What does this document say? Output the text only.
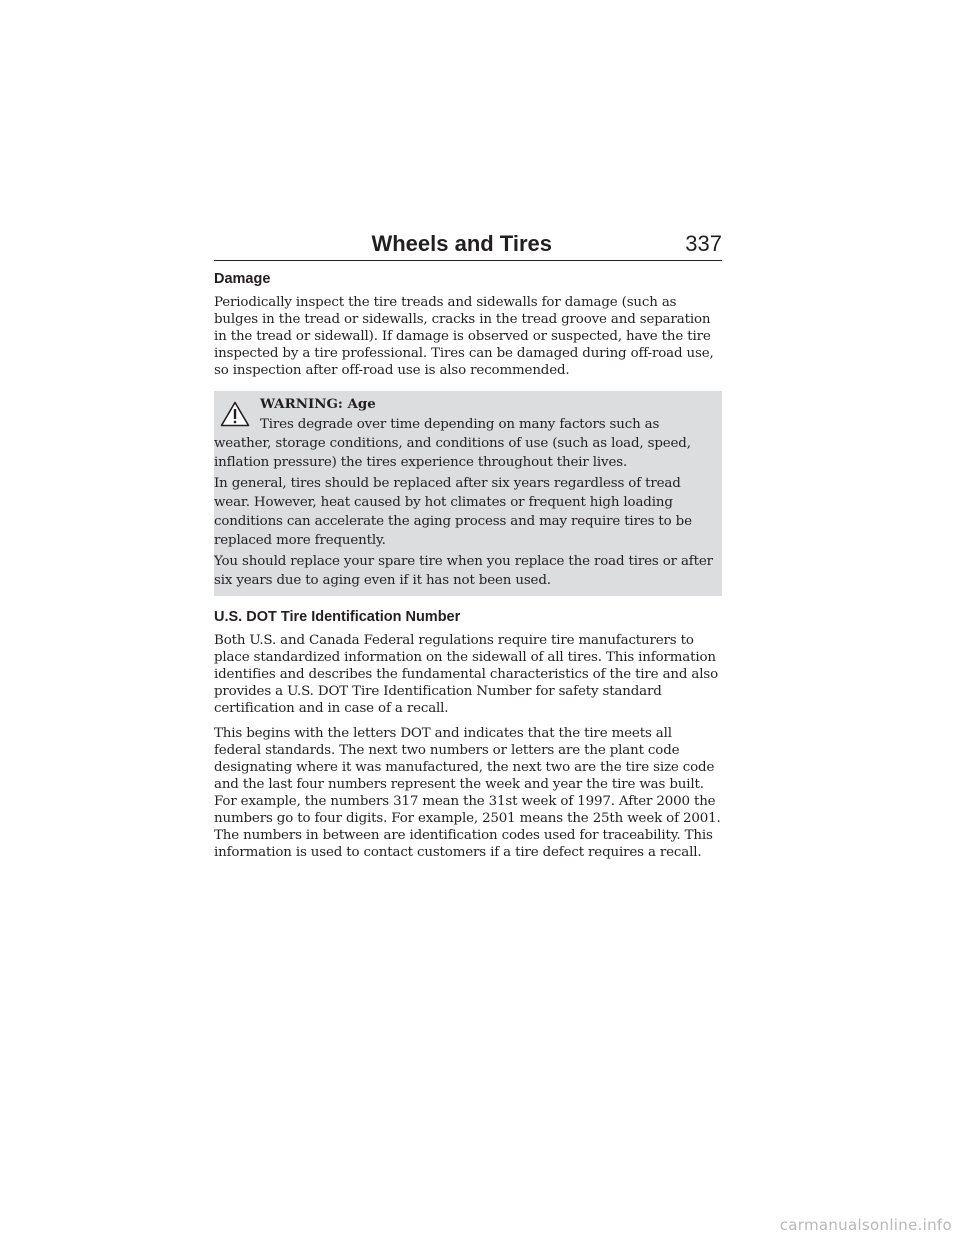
Wheels and Tires	337
Damage

Periodically inspect the tire treads and sidewalls for damage (such as bulges in the tread or sidewalls, cracks in the tread groove and separation in the tread or sidewall). If damage is observed or suspected, have the tire inspected by a tire professional. Tires can be damaged during off-road use, so inspection after off-road use is also recommended.

WARNING: Age
Tires degrade over time depending on many factors such as
weather, storage conditions, and conditions of use (such as load, speed, inflation pressure) the tires experience throughout their lives.
In general, tires should be replaced after six years regardless of tread wear. However, heat caused by hot climates or frequent high loading conditions can accelerate the aging process and may require tires to be replaced more frequently.
You should replace your spare tire when you replace the road tires or after six years due to aging even if it has not been used.
U.S. DOT Tire Identification Number

Both U.S. and Canada Federal regulations require tire manufacturers to place standardized information on the sidewall of all tires. This information identifies and describes the fundamental characteristics of the tire and also provides a U.S. DOT Tire Identification Number for safety standard certification and in case of a recall.

This begins with the letters DOT and indicates that the tire meets all federal standards. The next two numbers or letters are the plant code designating where it was manufactured, the next two are the tire size code and the last four numbers represent the week and year the tire was built. For example, the numbers 317 mean the 31st week of 1997. After 2000 the numbers go to four digits. For example, 2501 means the 25th week of 2001. The numbers in between are identification codes used for traceability. This information is used to contact customers if a tire defect requires a recall.

carmanualsonline.info
